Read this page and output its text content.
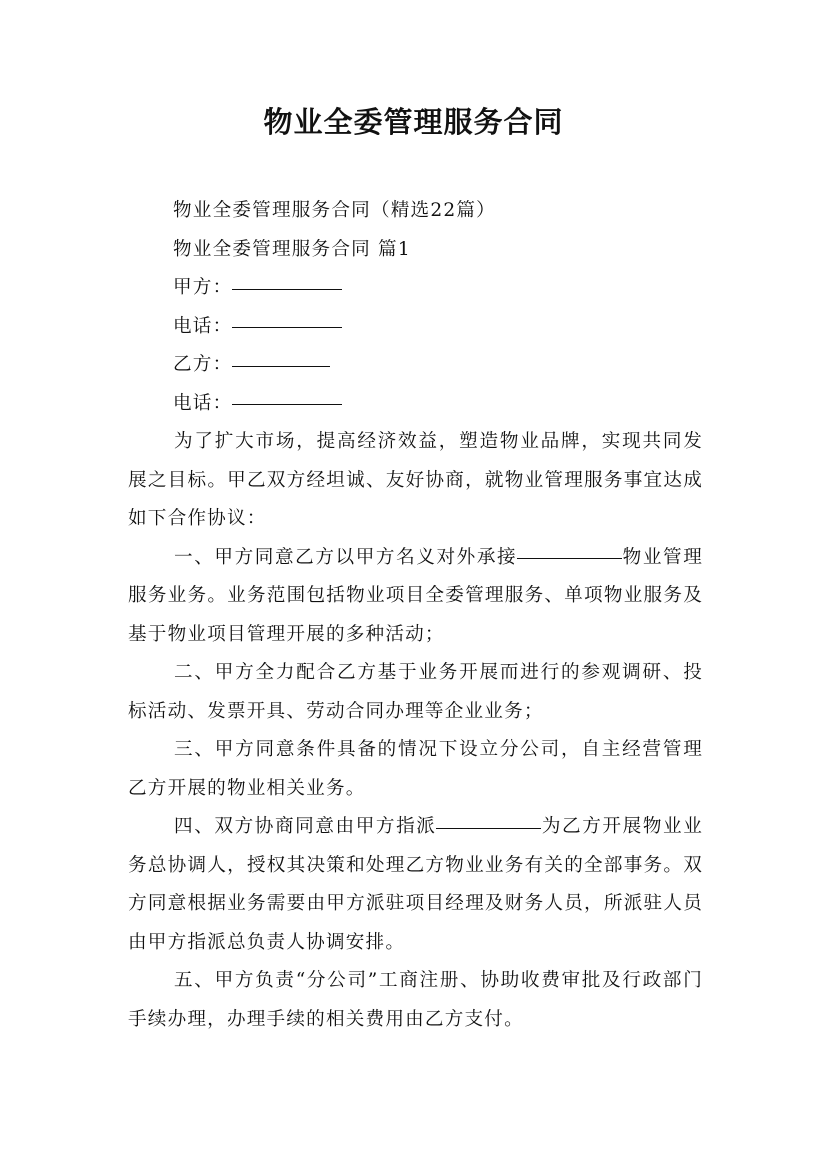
物业全委管理服务合同

物业全委管理服务合同（精选22篇）

物业全委管理服务合同 篇1

甲方：

电话：

乙方：

电话：

为了扩大市场，提高经济效益，塑造物业品牌，实现共同发展之目标。甲乙双方经坦诚、友好协商，就物业管理服务事宜达成如下合作协议：

一、甲方同意乙方以甲方名义对外承接	物业管理服务业务。业务范围包括物业项目全委管理服务、单项物业服务及基于物业项目管理开展的多种活动；

二、甲方全力配合乙方基于业务开展而进行的参观调研、投标活动、发票开具、劳动合同办理等企业业务；

三、甲方同意条件具备的情况下设立分公司，自主经营管理乙方开展的物业相关业务。

四、双方协商同意由甲方指派	为乙方开展物业业务总协调人，授权其决策和处理乙方物业业务有关的全部事务。双方同意根据业务需要由甲方派驻项目经理及财务人员，所派驻人员由甲方指派总负责人协调安排。

五、甲方负责“分公司”工商注册、协助收费审批及行政部门手续办理，办理手续的相关费用由乙方支付。
